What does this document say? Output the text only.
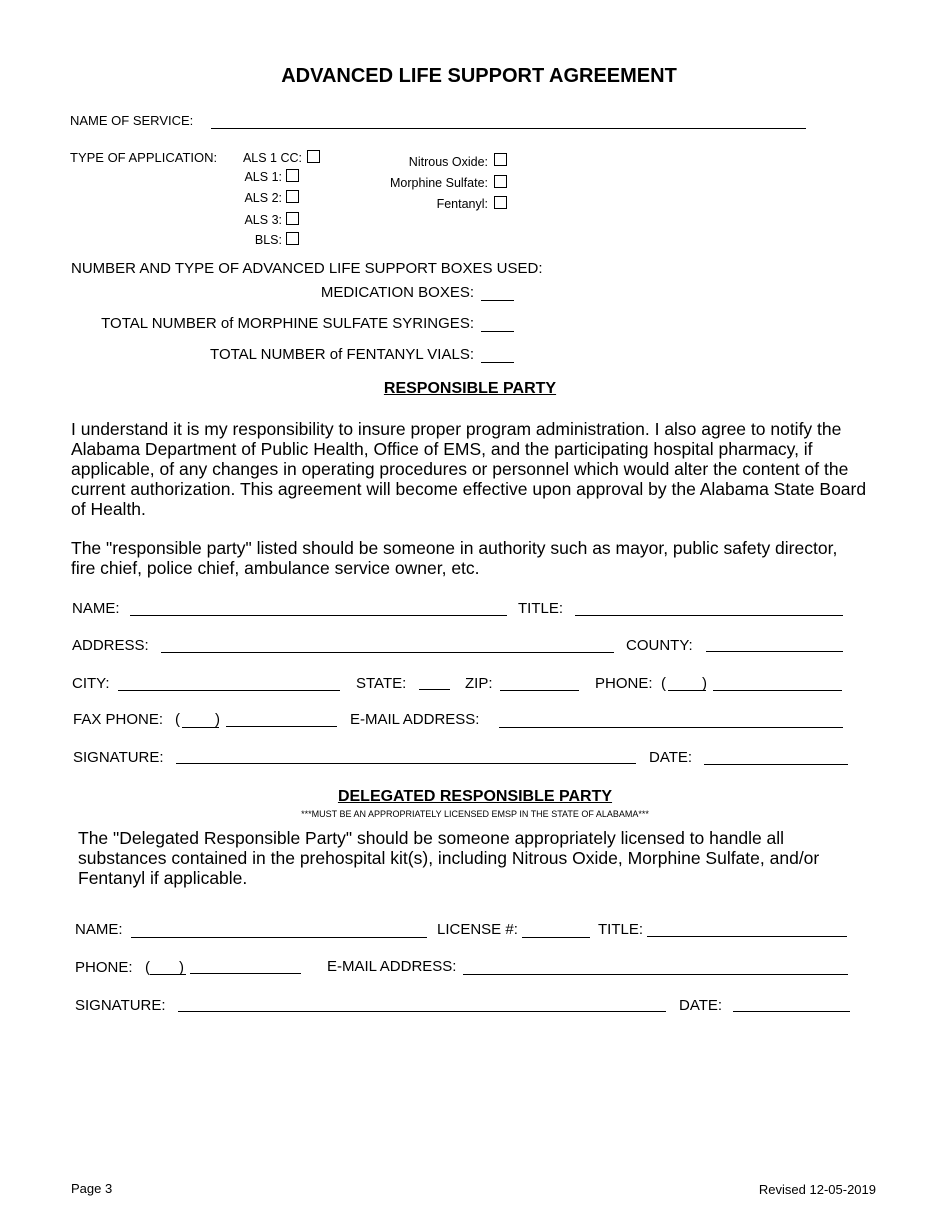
ADVANCED LIFE SUPPORT AGREEMENT
NAME OF SERVICE:
TYPE OF APPLICATION:	ALS 1 CC:
ALS 1:
ALS 2:
ALS 3:
BLS:
Nitrous Oxide:
Morphine Sulfate:
Fentanyl:
NUMBER AND TYPE OF ADVANCED LIFE SUPPORT BOXES USED:
MEDICATION BOXES:
TOTAL NUMBER of MORPHINE SULFATE SYRINGES:
TOTAL NUMBER of FENTANYL VIALS:
RESPONSIBLE PARTY
I understand it is my responsibility to insure proper program administration. I also agree to notify the Alabama Department of Public Health, Office of EMS, and the participating hospital pharmacy, if applicable, of any changes in operating procedures or personnel which would alter the content of the current authorization. This agreement will become effective upon approval by the Alabama State Board of Health.
The "responsible party" listed should be someone in authority such as mayor, public safety director, fire chief, police chief, ambulance service owner, etc.
NAME:	TITLE:
ADDRESS:	COUNTY:
CITY:	STATE:	ZIP:	PHONE: ( )
FAX PHONE: ( )	E-MAIL ADDRESS:
SIGNATURE:	DATE:
DELEGATED RESPONSIBLE PARTY
***MUST BE AN APPROPRIATELY LICENSED EMSP IN THE STATE OF ALABAMA***
The "Delegated Responsible Party" should be someone appropriately licensed to handle all substances contained in the prehospital kit(s), including Nitrous Oxide, Morphine Sulfate, and/or Fentanyl if applicable.
NAME:	LICENSE #:	TITLE:
PHONE: ( )	E-MAIL ADDRESS:
SIGNATURE:	DATE:
Page 3	Revised 12-05-2019
